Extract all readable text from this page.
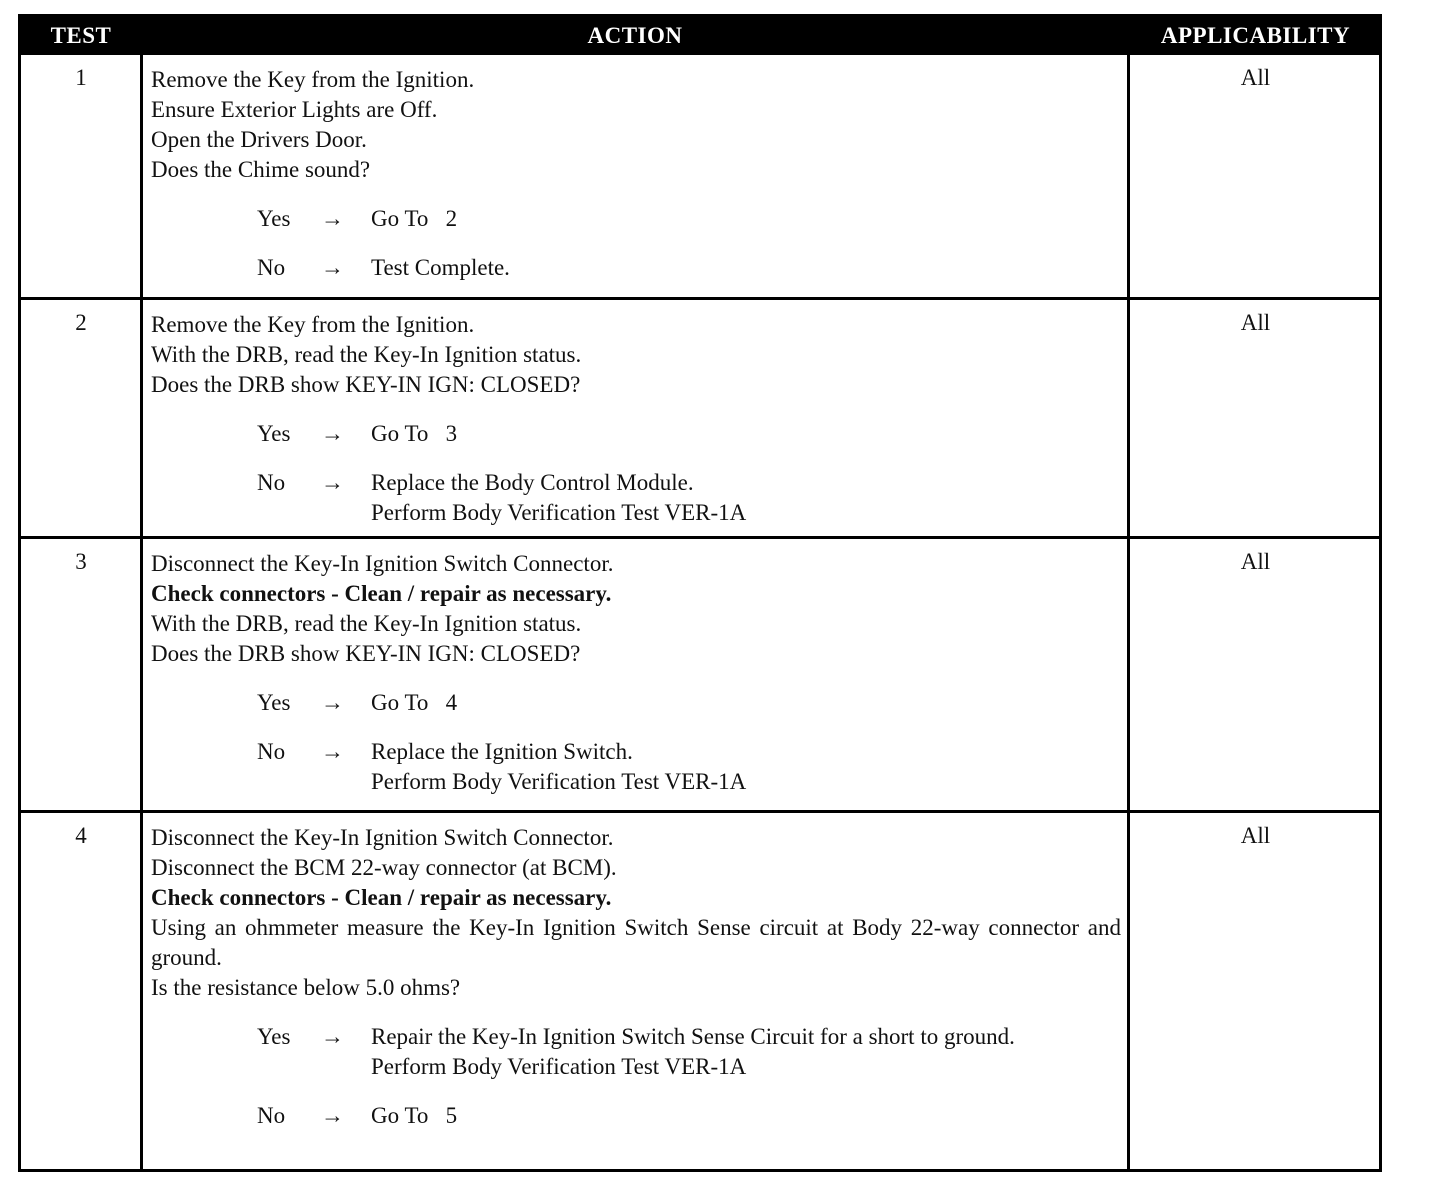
TEST	ACTION	APPLICABILITY
1	Remove the Key from the Ignition.
Ensure Exterior Lights are Off.
Open the Drivers Door.
Does the Chime sound?
Yes → Go To   2
No → Test Complete.
All
2	Remove the Key from the Ignition.
With the DRB, read the Key-In Ignition status.
Does the DRB show KEY-IN IGN: CLOSED?
Yes → Go To   3
No → Replace the Body Control Module.
Perform Body Verification Test VER-1A
All
3	Disconnect the Key-In Ignition Switch Connector.
Check connectors - Clean / repair as necessary.
With the DRB, read the Key-In Ignition status.
Does the DRB show KEY-IN IGN: CLOSED?
Yes → Go To   4
No → Replace the Ignition Switch.
Perform Body Verification Test VER-1A
All
4	Disconnect the Key-In Ignition Switch Connector.
Disconnect the BCM 22-way connector (at BCM).
Check connectors - Clean / repair as necessary.
Using an ohmmeter measure the Key-In Ignition Switch Sense circuit at Body 22-way connector and ground.
Is the resistance below 5.0 ohms?
Yes → Repair the Key-In Ignition Switch Sense Circuit for a short to ground.
Perform Body Verification Test VER-1A
No → Go To   5
All
